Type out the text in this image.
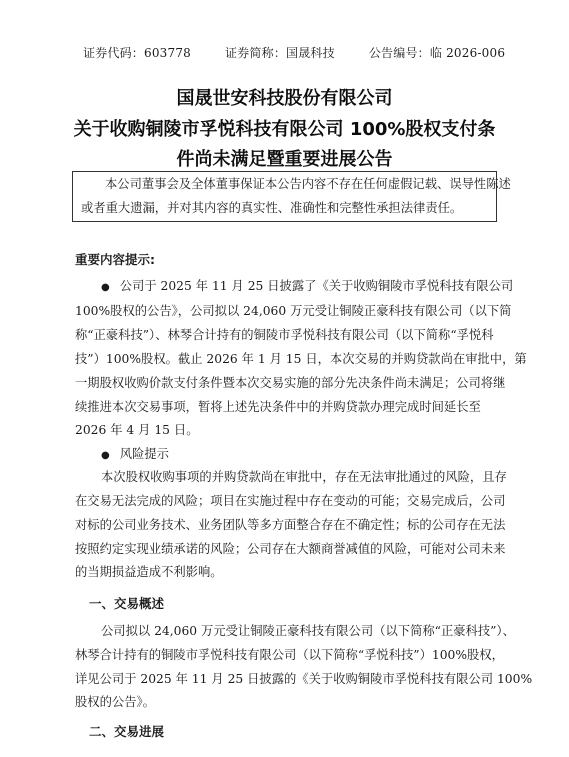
证券代码：603778	证券简称：国晟科技	公告编号：临 2026-006
国晟世安科技股份有限公司
关于收购铜陵市孚悦科技有限公司 100%股权支付条
件尚未满足暨重要进展公告

本公司董事会及全体董事保证本公告内容不存在任何虚假记载、误导性陈述

或者重大遗漏，并对其内容的真实性、准确性和完整性承担法律责任。

重要内容提示:
● 公司于 2025 年 11 月 25 日披露了《关于收购铜陵市孚悦科技有限公司
100%股权的公告》，公司拟以 24,060 万元受让铜陵正豪科技有限公司（以下简
称“正豪科技”）、林琴合计持有的铜陵市孚悦科技有限公司（以下简称“孚悦科
技”）100%股权。截止 2026 年 1 月 15 日，本次交易的并购贷款尚在审批中，第
一期股权收购价款支付条件暨本次交易实施的部分先决条件尚未满足；公司将继
续推进本次交易事项，暂将上述先决条件中的并购贷款办理完成时间延长至
2026 年 4 月 15 日。
● 风险提示
本次股权收购事项的并购贷款尚在审批中，存在无法审批通过的风险，且存
在交易无法完成的风险；项目在实施过程中存在变动的可能；交易完成后，公司
对标的公司业务技术、业务团队等多方面整合存在不确定性；标的公司存在无法
按照约定实现业绩承诺的风险；公司存在大额商誉减值的风险，可能对公司未来
的当期损益造成不利影响。
一、交易概述
公司拟以 24,060 万元受让铜陵正豪科技有限公司（以下简称“正豪科技”）、
林琴合计持有的铜陵市孚悦科技有限公司（以下简称“孚悦科技”）100%股权，
详见公司于 2025 年 11 月 25 日披露的《关于收购铜陵市孚悦科技有限公司 100%
股权的公告》。
二、交易进展
